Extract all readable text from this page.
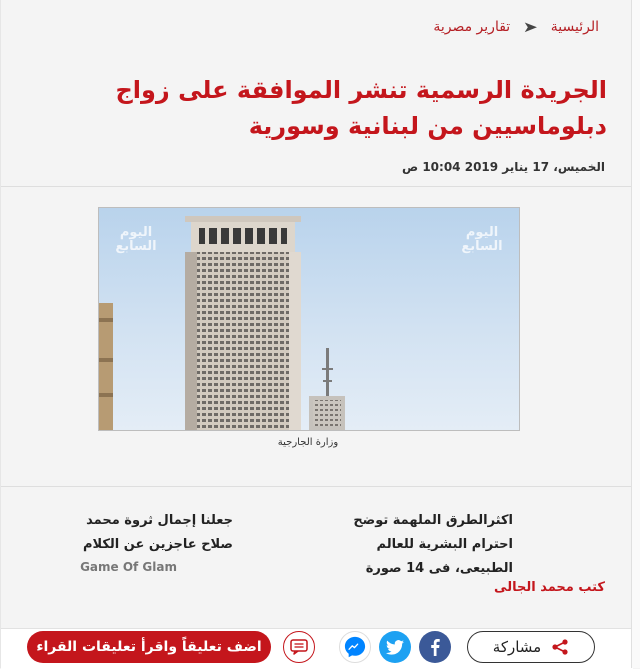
الرئيسية
➤
تقارير مصرية
الجريدة الرسمية تنشر الموافقة على زواج دبلوماسيين من لبنانية وسورية
الخميس، 17 يناير 2019 10:04 ص
اليوم السابع
اليوم السابع
وزارة الجارجية
اكثرالطرق الملهمة توضح احترام البشرية للعالم الطبيعى، فى 14 صورة
جعلنا إجمال ثروة محمد صلاح عاجزين عن الكلام
Game Of Glam
كتب محمد الجالى
مشاركة
اضف تعليقاً واقرأ تعليقات القراء
